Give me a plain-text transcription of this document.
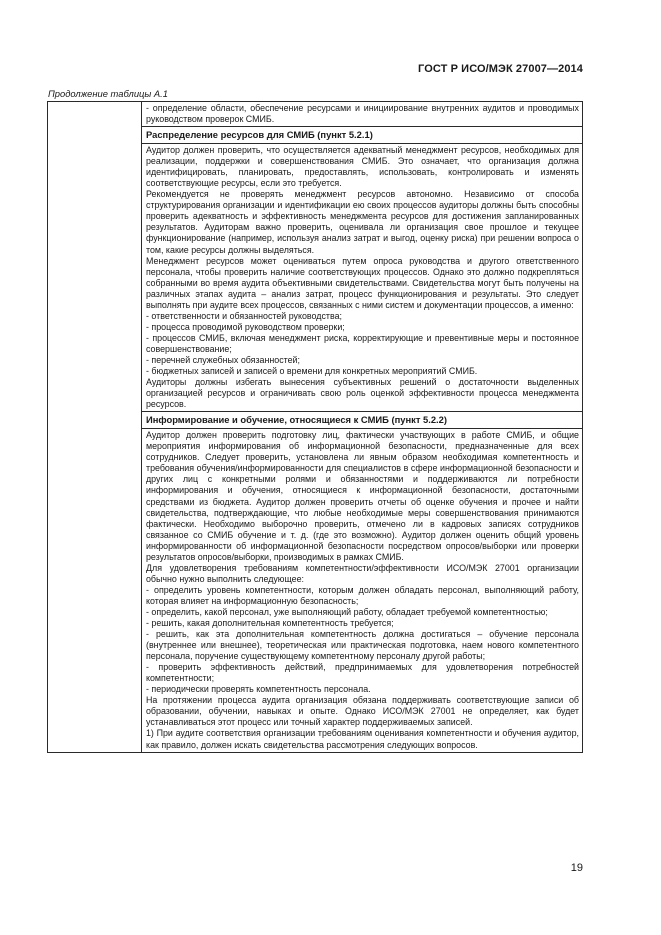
ГОСТ Р ИСО/МЭК 27007—2014
Продолжение таблицы А.1

- определение области, обеспечение ресурсами и инициирование внутренних аудитов и проводимых руководством проверок СМИБ.

Распределение ресурсов для СМИБ (пункт 5.2.1)

Аудитор должен проверить, что осуществляется адекватный менеджмент ресурсов, необходимых для реализации, поддержки и совершенствования СМИБ. Это означает, что организация должна идентифицировать, планировать, предоставлять, использовать, контролировать и изменять соответствующие ресурсы, если это требуется.

Рекомендуется не проверять менеджмент ресурсов автономно. Независимо от способа структурирования организации и идентификации ею своих процессов аудиторы должны быть способны проверить адекватность и эффективность менеджмента ресурсов для достижения запланированных результатов. Аудиторам важно проверить, оценивала ли организация свое прошлое и текущее функционирование (например, используя анализ затрат и выгод, оценку риска) при решении вопроса о том, какие ресурсы должны выделяться.

Менеджмент ресурсов может оцениваться путем опроса руководства и другого ответственного персонала, чтобы проверить наличие соответствующих процессов. Однако это должно подкрепляться собранными во время аудита объективными свидетельствами. Свидетельства могут быть получены на различных этапах аудита – анализ затрат, процесс функционирования и результаты. Это следует выполнять при аудите всех процессов, связанных с ними систем и документации процессов, а именно:

- ответственности и обязанностей руководства;

- процесса проводимой руководством проверки;

- процессов СМИБ, включая менеджмент риска, корректирующие и превентивные меры и постоянное совершенствование;

- перечней служебных обязанностей;

- бюджетных записей и записей о времени для конкретных мероприятий СМИБ.

Аудиторы должны избегать вынесения субъективных решений о достаточности выделенных организацией ресурсов и ограничивать свою роль оценкой эффективности процесса менеджмента ресурсов.

Информирование и обучение, относящиеся к СМИБ (пункт 5.2.2)

Аудитор должен проверить подготовку лиц, фактически участвующих в работе СМИБ, и общие мероприятия информирования об информационной безопасности, предназначенные для всех сотрудников. Следует проверить, установлена ли явным образом необходимая компетентность и требования обучения/информированности для специалистов в сфере информационной безопасности и других лиц с конкретными ролями и обязанностями и поддерживаются ли потребности информирования и обучения, относящиеся к информационной безопасности, достаточными средствами из бюджета. Аудитор должен проверить отчеты об оценке обучения и прочее и найти свидетельства, подтверждающие, что любые необходимые меры совершенствования принимаются фактически. Необходимо выборочно проверить, отмечено ли в кадровых записях сотрудников связанное со СМИБ обучение и т. д. (где это возможно). Аудитор должен оценить общий уровень информированности об информационной безопасности посредством опросов/выборки или проверки результатов опросов/выборки, производимых в рамках СМИБ.

Для удовлетворения требованиям компетентности/эффективности ИСО/МЭК 27001 организации обычно нужно выполнить следующее:

- определить уровень компетентности, которым должен обладать персонал, выполняющий работу, которая влияет на информационную безопасность;

- определить, какой персонал, уже выполняющий работу, обладает требуемой компетентностью;

- решить, какая дополнительная компетентность требуется;

- решить, как эта дополнительная компетентность должна достигаться – обучение персонала (внутреннее или внешнее), теоретическая или практическая подготовка, наем нового компетентного персонала, поручение существующему компетентному персоналу другой работы;

- проверить эффективность действий, предпринимаемых для удовлетворения потребностей компетентности;

- периодически проверять компетентность персонала.

На протяжении процесса аудита организация обязана поддерживать соответствующие записи об образовании, обучении, навыках и опыте. Однако ИСО/МЭК 27001 не определяет, как будет устанавливаться этот процесс или точный характер поддерживаемых записей.

1) При аудите соответствия организации требованиям оценивания компетентности и обучения аудитор, как правило, должен искать свидетельства рассмотрения следующих вопросов.

19
